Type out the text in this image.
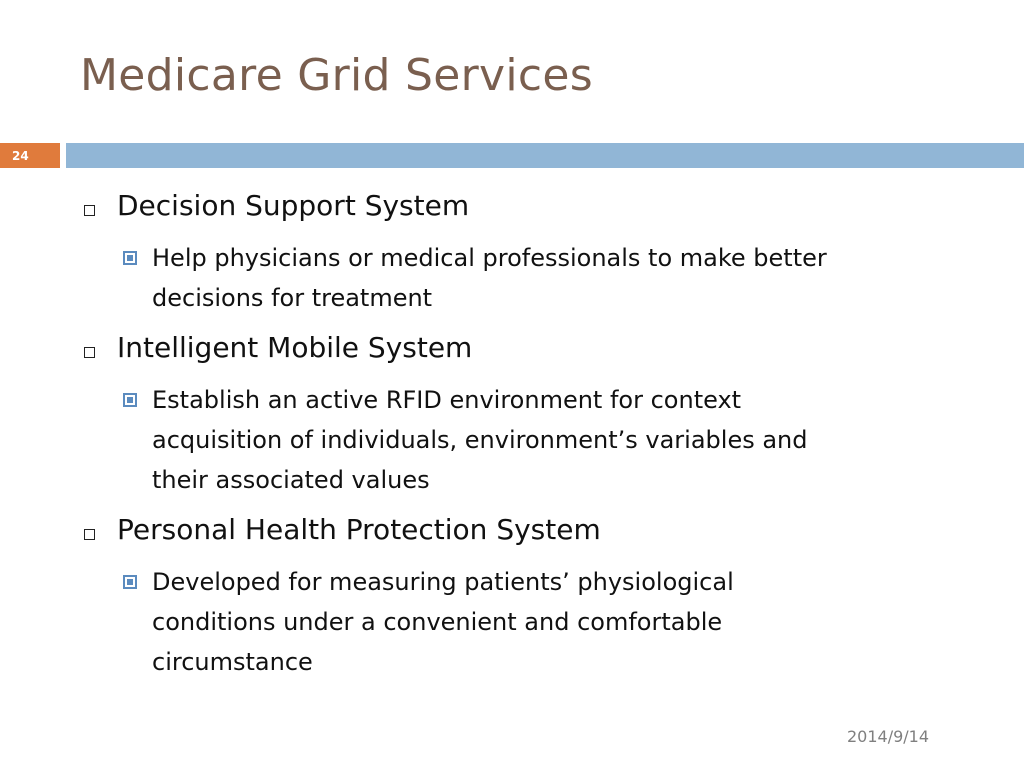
Medicare Grid Services
24
Decision Support System
Help physicians or medical professionals to make better
decisions for treatment
Intelligent Mobile System
Establish an active RFID environment for context
acquisition of individuals, environment’s variables and
their associated values
Personal Health Protection System
Developed for measuring patients’ physiological
conditions under a convenient and comfortable
circumstance
2014/9/14
